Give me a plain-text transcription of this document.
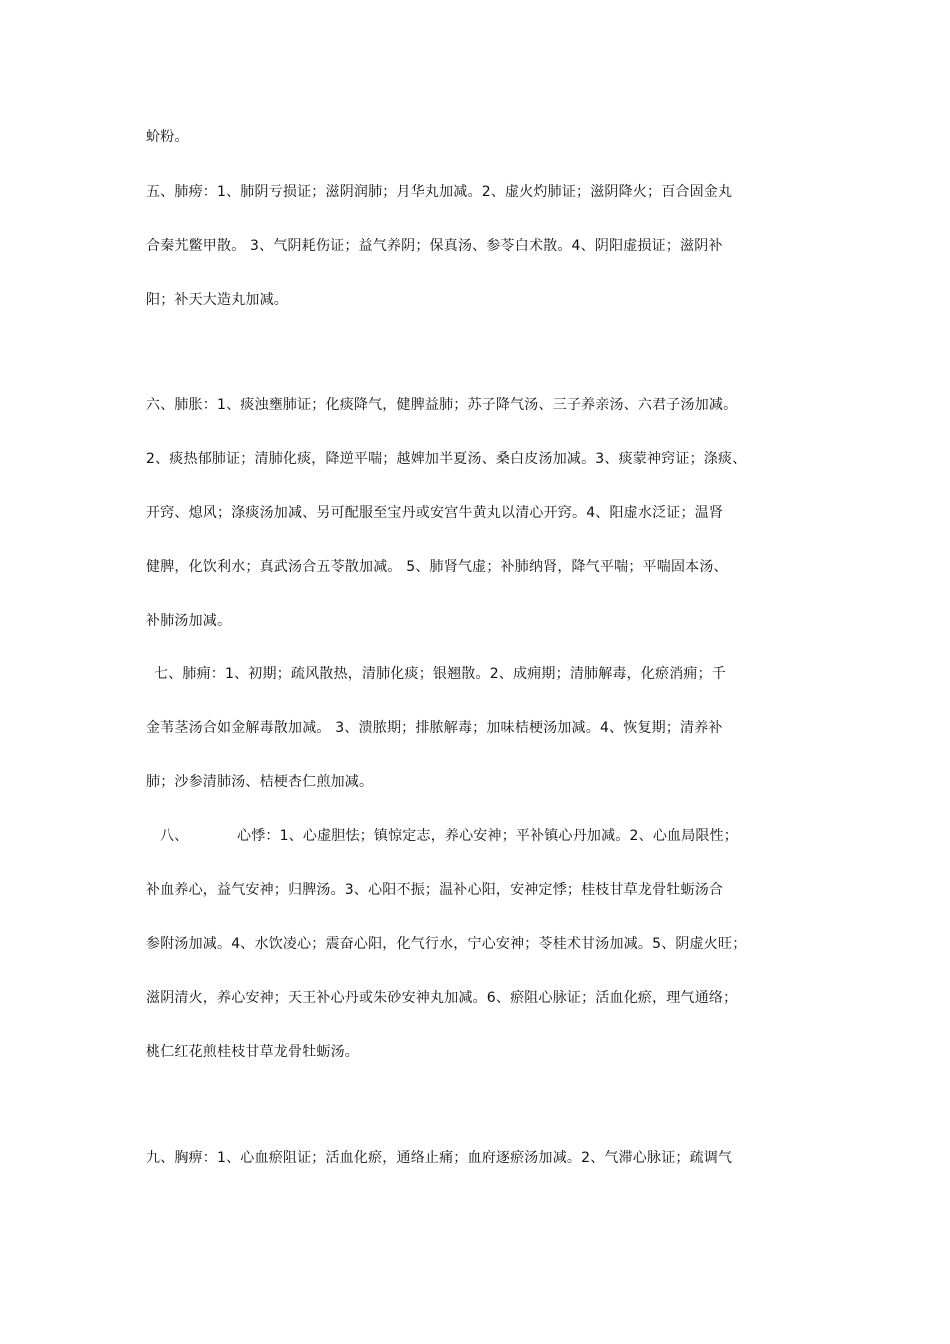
蚧粉。
五、肺痨：1、肺阴亏损证；滋阴润肺；月华丸加减。2、虚火灼肺证；滋阴降火；百合固金丸
合秦艽鳖甲散。 3、气阴耗伤证；益气养阴；保真汤、参苓白术散。4、阴阳虚损证；滋阴补
阳；补天大造丸加减。
六、肺胀：1、痰浊壅肺证；化痰降气，健脾益肺；苏子降气汤、三子养亲汤、六君子汤加减。
2、痰热郁肺证；清肺化痰，降逆平喘；越婢加半夏汤、桑白皮汤加减。3、痰蒙神窍证；涤痰、
开窍、熄风；涤痰汤加减、另可配服至宝丹或安宫牛黄丸以清心开窍。4、阳虚水泛证；温肾
健脾，化饮利水；真武汤合五苓散加减。 5、肺肾气虚；补肺纳肾，降气平喘；平喘固本汤、
补肺汤加减。
七、肺痈：1、初期；疏风散热，清肺化痰；银翘散。2、成痈期；清肺解毒，化瘀消痈；千
金苇茎汤合如金解毒散加减。 3、溃脓期；排脓解毒；加味桔梗汤加减。4、恢复期；清养补
肺；沙参清肺汤、桔梗杏仁煎加减。
八、	心悸：1、心虚胆怯；镇惊定志，养心安神；平补镇心丹加减。2、心血局限性；
补血养心，益气安神；归脾汤。3、心阳不振；温补心阳，安神定悸；桂枝甘草龙骨牡蛎汤合
参附汤加减。4、水饮凌心；震奋心阳，化气行水，宁心安神；苓桂术甘汤加减。5、阴虚火旺；
滋阴清火，养心安神；天王补心丹或朱砂安神丸加减。6、瘀阻心脉证；活血化瘀，理气通络；
桃仁红花煎桂枝甘草龙骨牡蛎汤。
九、胸痹：1、心血瘀阻证；活血化瘀，通络止痛；血府逐瘀汤加减。2、气滞心脉证；疏调气
